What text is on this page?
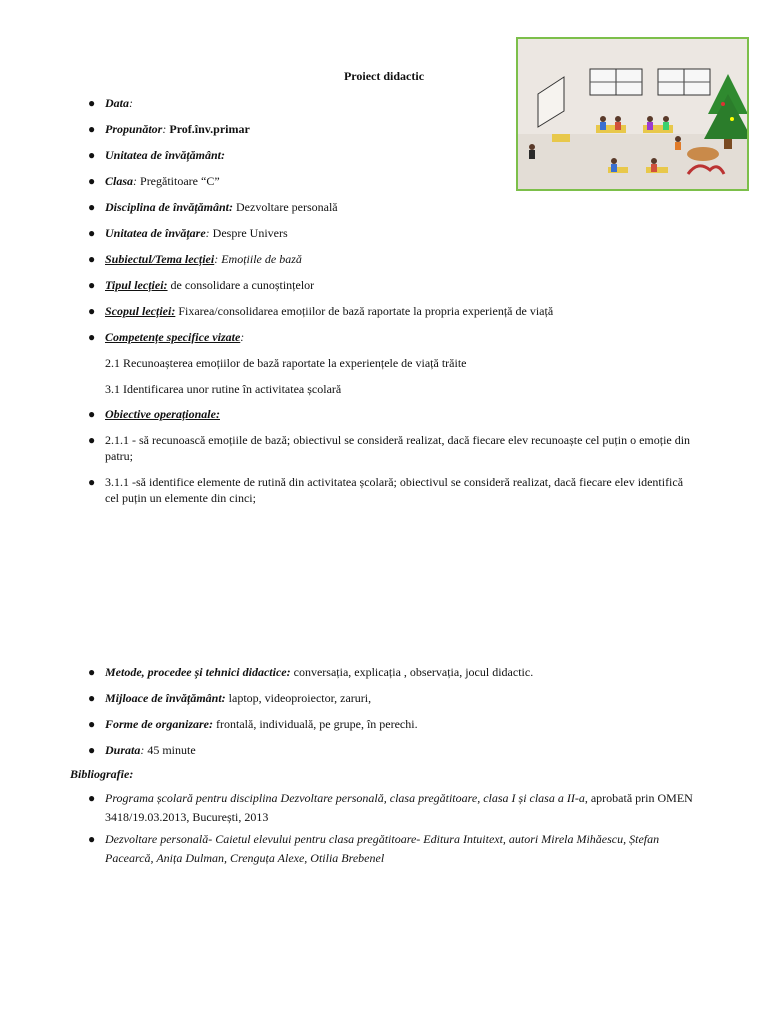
Proiect didactic
● Data:
● Propunător: Prof.înv.primar
● Unitatea de învățământ:
● Clasa: Pregătitoare “C”
● Disciplina de învățământ: Dezvoltare personală
● Unitatea de învățare: Despre Univers
● Subiectul/Tema lecției: Emoțiile de bază
● Tipul lecției: de consolidare a cunoștințelor
● Scopul lecției: Fixarea/consolidarea emoțiilor de bază raportate la propria experiență de viață
● Competențe specifice vizate:
2.1 Recunoașterea emoțiilor de bază raportate la experiențele de viață trăite
3.1 Identificarea unor rutine în activitatea școlară
● Obiective operaționale:
● 2.1.1 - să recunoască emoțiile de bază; obiectivul se consideră realizat, dacă fiecare elev recunoaște cel puțin o emoție din patru;
● 3.1.1 -să identifice elemente de rutină din activitatea școlară; obiectivul se consideră realizat, dacă fiecare elev identifică cel puțin un elemente din cinci;
● Metode, procedee și tehnici didactice: conversația, explicația , observația, jocul didactic.
● Mijloace de învățământ: laptop, videoproiector, zaruri,
● Forme de organizare: frontală, individuală, pe grupe, în perechi.
● Durata: 45 minute
Bibliografie:
● Programa școlară pentru disciplina Dezvoltare personală, clasa pregătitoare, clasa I și clasa a II-a, aprobată prin OMEN 3418/19.03.2013, București, 2013
● Dezvoltare personală- Caietul elevului pentru clasa pregătitoare- Editura Intuitext, autori Mirela Mihăescu, Ștefan Pacearcă, Anița Dulman, Crenguța Alexe, Otilia Brebenel
